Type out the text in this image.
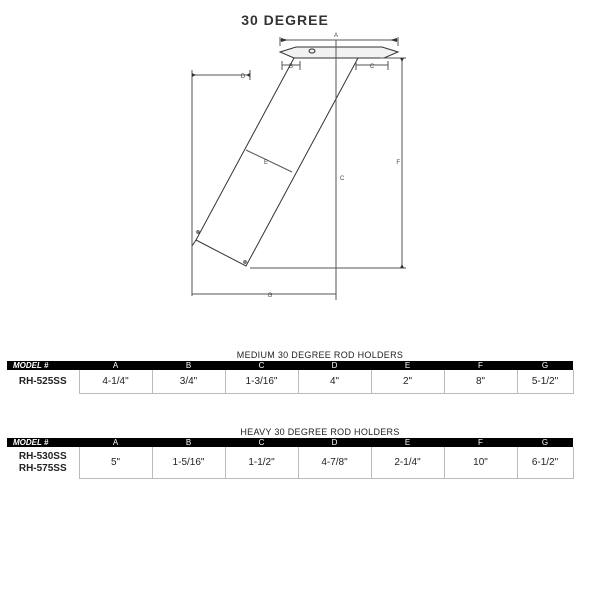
30 DEGREE
A
B	C
D
E	F
C
G
MEDIUM 30 DEGREE ROD HOLDERS
MODEL #	A	B	C	D	E	F	G

RH-525SS	4-1/4"	3/4"	1-3/16"	4"	2"	8"	5-1/2"
HEAVY 30 DEGREE ROD HOLDERS
MODEL #	A	B	C	D	E	F	G

RH-530SS
RH-575SS	5"	1-5/16"	1-1/2"	4-7/8"	2-1/4"	10"	6-1/2"
